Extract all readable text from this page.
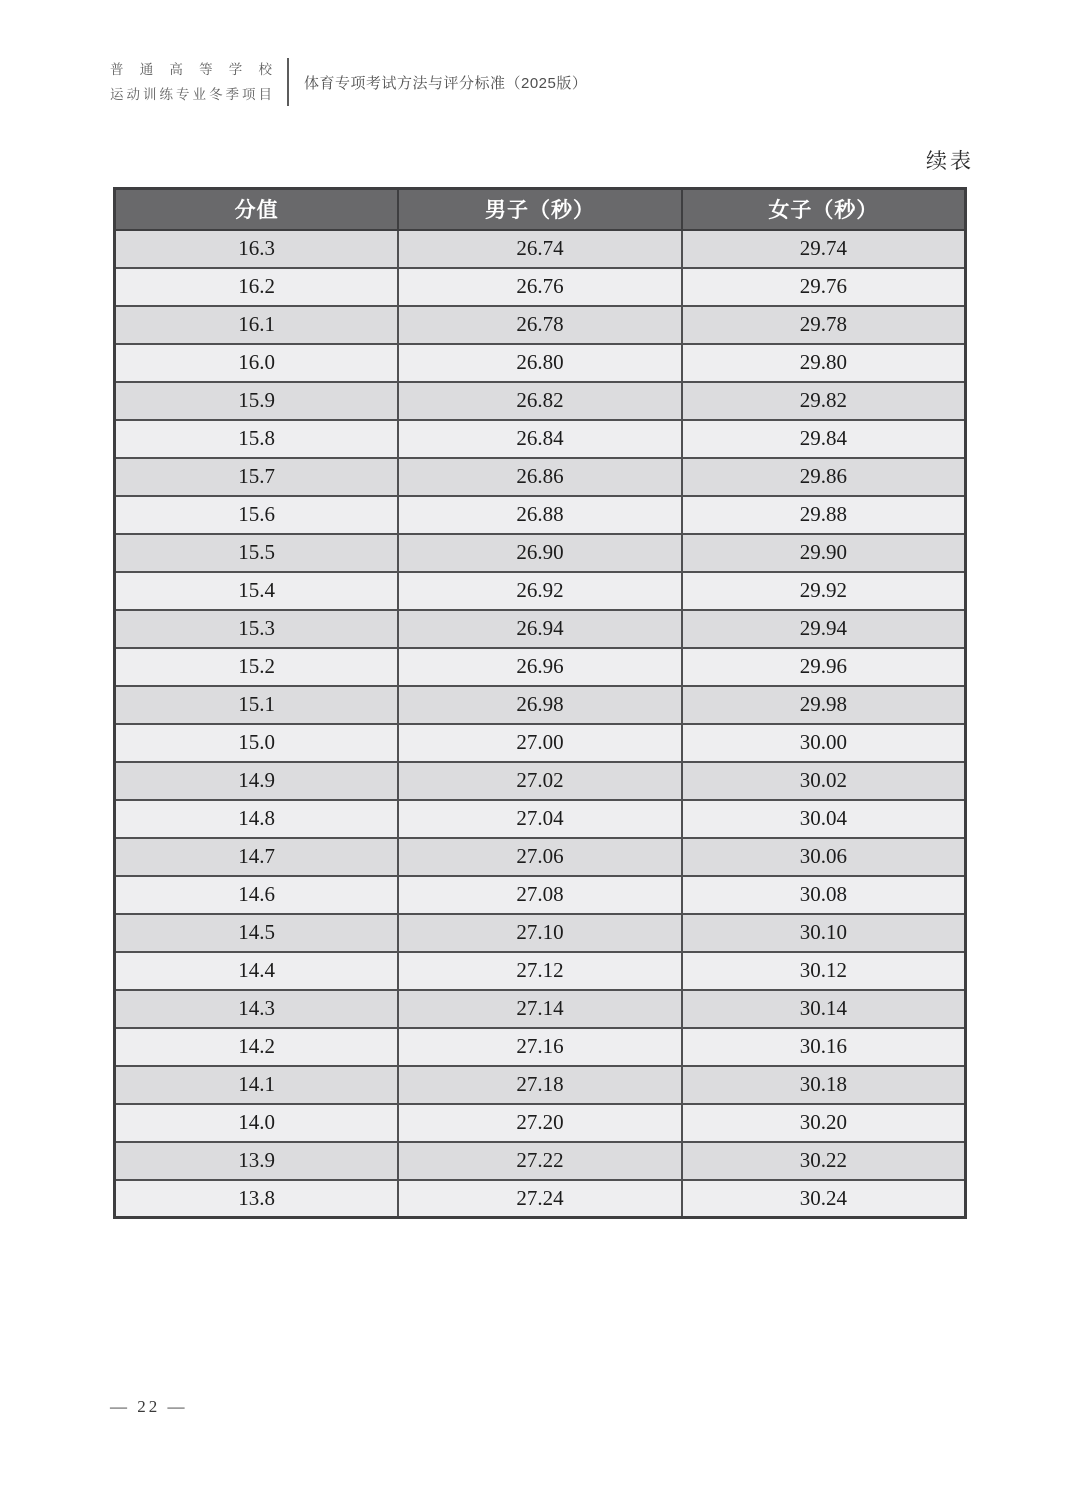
普通高等学校
运动训练专业冬季项目
体育专项考试方法与评分标准（2025版）
续表
分值	男子（秒）	女子（秒）
16.3	26.74	29.74
16.2	26.76	29.76
16.1	26.78	29.78
16.0	26.80	29.80
15.9	26.82	29.82
15.8	26.84	29.84
15.7	26.86	29.86
15.6	26.88	29.88
15.5	26.90	29.90
15.4	26.92	29.92
15.3	26.94	29.94
15.2	26.96	29.96
15.1	26.98	29.98
15.0	27.00	30.00
14.9	27.02	30.02
14.8	27.04	30.04
14.7	27.06	30.06
14.6	27.08	30.08
14.5	27.10	30.10
14.4	27.12	30.12
14.3	27.14	30.14
14.2	27.16	30.16
14.1	27.18	30.18
14.0	27.20	30.20
13.9	27.22	30.22
13.8	27.24	30.24
— 22 —
